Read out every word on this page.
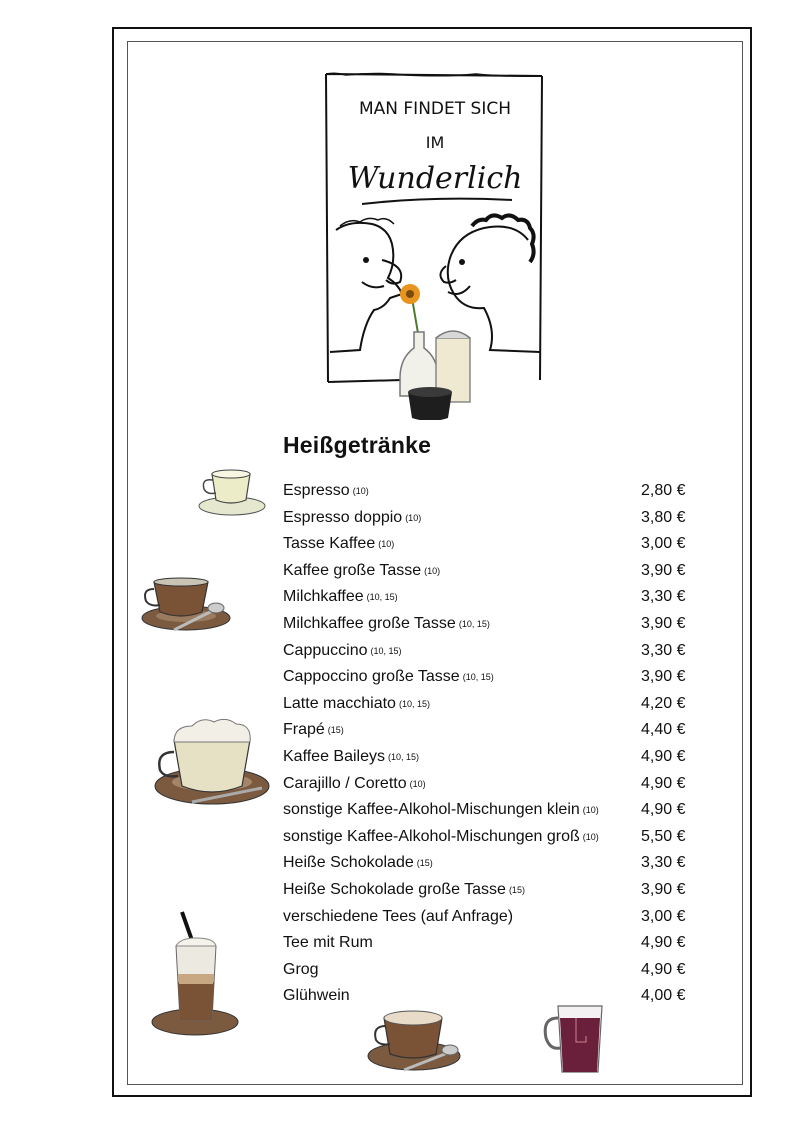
MAN FINDET SICH
IM
Wunderlich
Heißgetränke
Espresso (10)	2,80 €
Espresso doppio (10)	3,80 €
Tasse Kaffee (10)	3,00 €
Kaffee große Tasse (10)	3,90 €
Milchkaffee (10, 15)	3,30 €
Milchkaffee große Tasse (10, 15)	3,90 €
Cappuccino (10, 15)	3,30 €
Cappoccino große Tasse (10, 15)	3,90 €
Latte macchiato (10, 15)	4,20 €
Frapé (15)	4,40 €
Kaffee Baileys (10, 15)	4,90 €
Carajillo / Coretto (10)	4,90 €
sonstige Kaffee-Alkohol-Mischungen klein (10)	4,90 €
sonstige Kaffee-Alkohol-Mischungen groß (10)	5,50 €
Heiße Schokolade (15)	3,30 €
Heiße Schokolade große Tasse (15)	3,90 €
verschiedene Tees (auf Anfrage)	3,00 €
Tee mit Rum	4,90 €
Grog	4,90 €
Glühwein	4,00 €
